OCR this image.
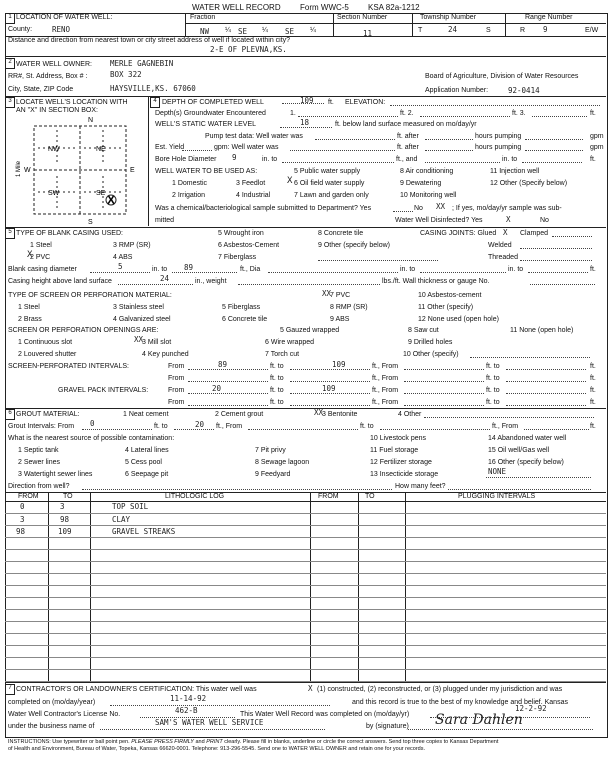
WATER WELL RECORD Form WWC-5 KSA 82a-1212
1 LOCATION OF WATER WELL:	Fraction	Section Number	Township Number	Range Number
County:	RENO	NW ¼ SE ¼ SE ¼	11	T	24	S	R 9	E/W
Distance and direction from nearest town or city street address of well if located within city?
2-E OF PLEVNA,KS.
2 WATER WELL OWNER: MERLE GAGNEBIN
RR#, St. Address, Box # :	BOX 322
City, State, ZIP Code	HAYSVILLE,KS. 67060
Board of Agriculture, Division of Water Resources
Application Number:	92-0414
3 LOCATE WELL'S LOCATION WITH
AN "X" IN SECTION BOX:
N
S
W	E
1 Mile
NW	NE
SW	SE X
4 DEPTH OF COMPLETED WELL	109 ft. ELEVATION:
Depth(s) Groundwater Encountered	1.	ft. 2.	ft. 3.	ft.
WELL'S STATIC WATER LEVEL	18	ft. below land surface measured on mo/day/yr
Pump test data: Well water was	ft. after	hours pumping	gpm
Est. Yield	gpm: Well water was	ft. after	hours pumping	gpm
Bore Hole Diameter 9	in. to	ft., and	in. to	ft.
WELL WATER TO BE USED AS:	5 Public water supply	8 Air conditioning	11 Injection well
1 Domestic	3 Feedlot X 6 Oil field water supply	9 Dewatering	12 Other (Specify below)
2 Irrigation	4 Industrial	7 Lawn and garden only	10 Monitoring well
Was a chemical/bacteriological sample submitted to Department? Yes	No XX ; If yes, mo/day/yr sample was sub-
mitted	Water Well Disinfected? Yes	X	No
5 TYPE OF BLANK CASING USED:	5 Wrought iron	8 Concrete tile	CASING JOINTS: Glued X Clamped
1 Steel	3 RMP (SR)	6 Asbestos-Cement	9 Other (specify below)	Welded
X
2 PVC	4 ABS	7 Fiberglass	Threaded
Blank casing diameter	5	in. to 89	ft., Dia	in. to	in. to	ft.
Casing height above land surface	24	in., weight	lbs./ft. Wall thickness or gauge No.
TYPE OF SCREEN OR PERFORATION MATERIAL:	XX
7 PVC	10 Asbestos-cement
1 Steel	3 Stainless steel	5 Fiberglass	8 RMP (SR)	11 Other (specify)
2 Brass	4 Galvanized steel	6 Concrete tile	9 ABS	12 None used (open hole)
SCREEN OR PERFORATION OPENINGS ARE:	5 Gauzed wrapped	8 Saw cut	11 None (open hole)
1 Continuous slot	XX
3 Mill slot	6 Wire wrapped	9 Drilled holes
2 Louvered shutter	4 Key punched	7 Torch cut	10 Other (specify)
SCREEN-PERFORATED INTERVALS:	From	89	ft. to	109	ft., From	ft. to	ft.
From	ft. to	ft., From	ft. to	ft.
GRAVEL PACK INTERVALS:	From	20	ft. to	109	ft., From	ft. to	ft.
From	ft. to	ft., From	ft. to	ft.
6 GROUT MATERIAL:	1 Neat cement	2 Cement grout	XX
3 Bentonite	4 Other
Grout Intervals: From 0	ft. to	20 ft., From	ft. to	ft., From	ft.
What is the nearest source of possible contamination:	10 Livestock pens	14 Abandoned water well
1 Septic tank	4 Lateral lines	7 Pit privy	11 Fuel storage	15 Oil well/Gas well
2 Sewer lines	5 Cess pool	8 Sewage lagoon	12 Fertilizer storage	16 Other (specify below)
3 Watertight sewer lines	6 Seepage pit	9 Feedyard	13 Insecticide storage	NONE
Direction from well?	How many feet?
FROM	TO	LITHOLOGIC LOG	FROM	TO	PLUGGING INTERVALS
0	3	TOP SOIL
3	98	CLAY
98	109	GRAVEL STREAKS
7 CONTRACTOR'S OR LANDOWNER'S CERTIFICATION: This water well was	X (1) constructed, (2) reconstructed, or (3) plugged under my jurisdiction and was
completed on (mo/day/year)	11-14-92	and this record is true to the best of my knowledge and belief. Kansas
Water Well Contractor's License No.	462-B	This Water Well Record was completed on (mo/day/yr)
12-2-92
under the business name of	SAM'S WATER WELL SERVICE	by (signature) Sara Dahlen
INSTRUCTIONS: Use typewriter or ball point pen. PLEASE PRESS FIRMLY and PRINT clearly. Please fill in blanks, underline or circle the correct answers. Send top three copies to Kansas Department
of Health and Environment, Bureau of Water, Topeka, Kansas 66620-0001. Telephone: 913-296-5545. Send one to WATER WELL OWNER and retain one for your records.
